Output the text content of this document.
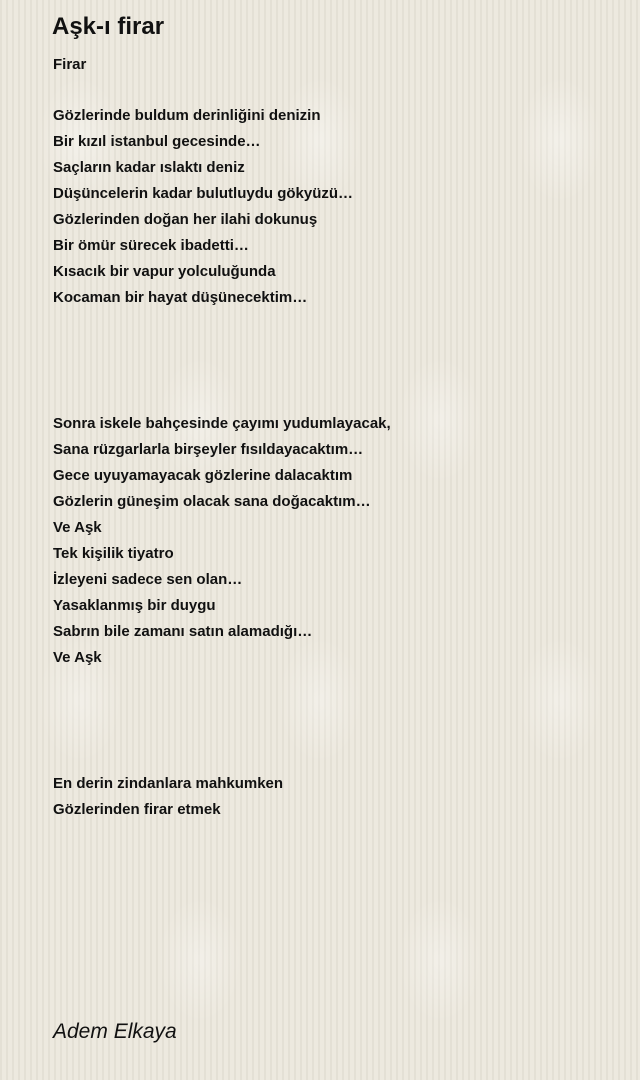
Aşk-ı firar
Firar
Gözlerinde buldum derinliğini denizin
Bir kızıl istanbul gecesinde…
Saçların kadar ıslaktı deniz
Düşüncelerin kadar bulutluydu gökyüzü…
Gözlerinden doğan her ilahi dokunuş
Bir ömür sürecek ibadetti…
Kısacık bir vapur yolculuğunda
Kocaman bir hayat düşünecektim…
Sonra iskele bahçesinde çayımı yudumlayacak,
Sana rüzgarlarla birşeyler fısıldayacaktım…
Gece uyuyamayacak gözlerine dalacaktım
Gözlerin güneşim olacak sana doğacaktım…
Ve Aşk
Tek kişilik tiyatro
İzleyeni sadece sen olan…
Yasaklanmış bir duygu
Sabrın bile zamanı satın alamadığı…
Ve Aşk
En derin zindanlara mahkumken
Gözlerinden firar etmek
Adem Elkaya
